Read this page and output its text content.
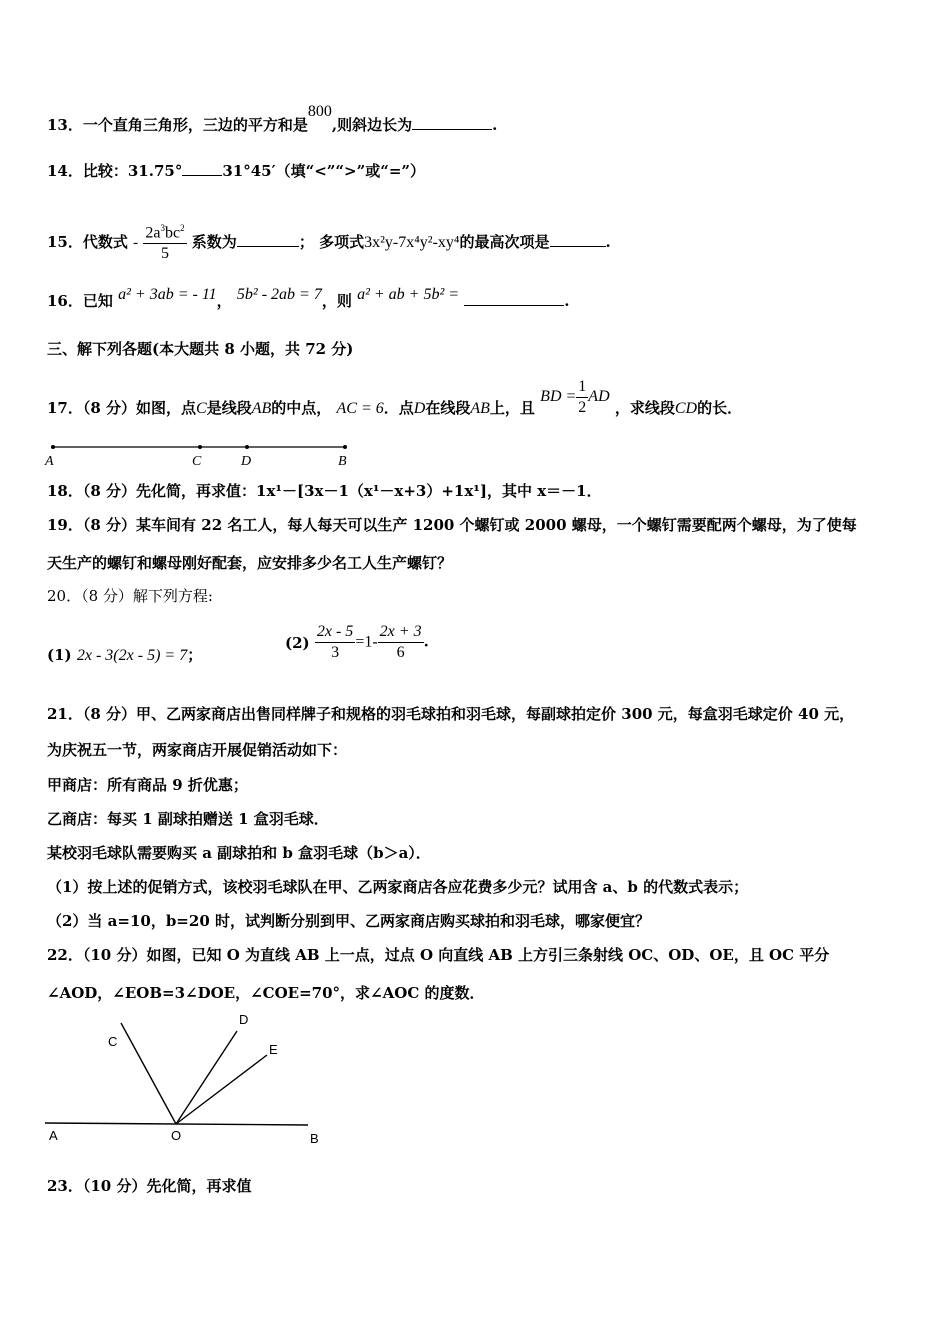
13．一个直角三角形，三边的平方和是800,则斜边长为	.
14．比较：31.75°	31°45′（填“<”“>”或“=”）
15．代数式 - $\frac{2a^3bc^2}{5}$ 系数为	； 多项式3x²y-7x⁴y²-xy⁴的最高次项是	.
16．已知 a² + 3ab = - 11， 5b² - 2ab = 7，则 a² + ab + 5b² =	.
三、解下列各题(本大题共 8 小题，共 72 分)
17．（8 分）如图，点C是线段AB的中点， AC = 6．点D在线段AB上，且 BD = $\frac{1}{2}$ AD ，求线段CD的长．
A	C	D	B
18．（8 分）先化简，再求值：1x¹－[3x－1（x¹－x+3）+1x¹]，其中 x＝－1．
19．（8 分）某车间有 22 名工人，每人每天可以生产 1200 个螺钉或 2000 螺母，一个螺钉需要配两个螺母，为了使每
天生产的螺钉和螺母刚好配套，应安排多少名工人生产螺钉？
20．（8 分）解下列方程:
(1) 2x - 3(2x - 5) = 7；
$(2) \frac{2x - 5}{3} =1- \frac{2x + 3}{6}$ .
21．（8 分）甲、乙两家商店出售同样牌子和规格的羽毛球拍和羽毛球，每副球拍定价 300 元，每盒羽毛球定价 40 元，
为庆祝五一节，两家商店开展促销活动如下：
甲商店：所有商品 9 折优惠；
乙商店：每买 1 副球拍赠送 1 盒羽毛球．
某校羽毛球队需要购买 a 副球拍和 b 盒羽毛球（b＞a）．
（1）按上述的促销方式，该校羽毛球队在甲、乙两家商店各应花费多少元？试用含 a、b 的代数式表示；
（2）当 a=10，b=20 时，试判断分别到甲、乙两家商店购买球拍和羽毛球，哪家便宜？
22．（10 分）如图，已知 O 为直线 AB 上一点，过点 O 向直线 AB 上方引三条射线 OC、OD、OE，且 OC 平分
∠AOD，∠EOB=3∠DOE，∠COE=70°，求∠AOC 的度数．
A	O	B
C
D
E
23．（10 分）先化简，再求值
